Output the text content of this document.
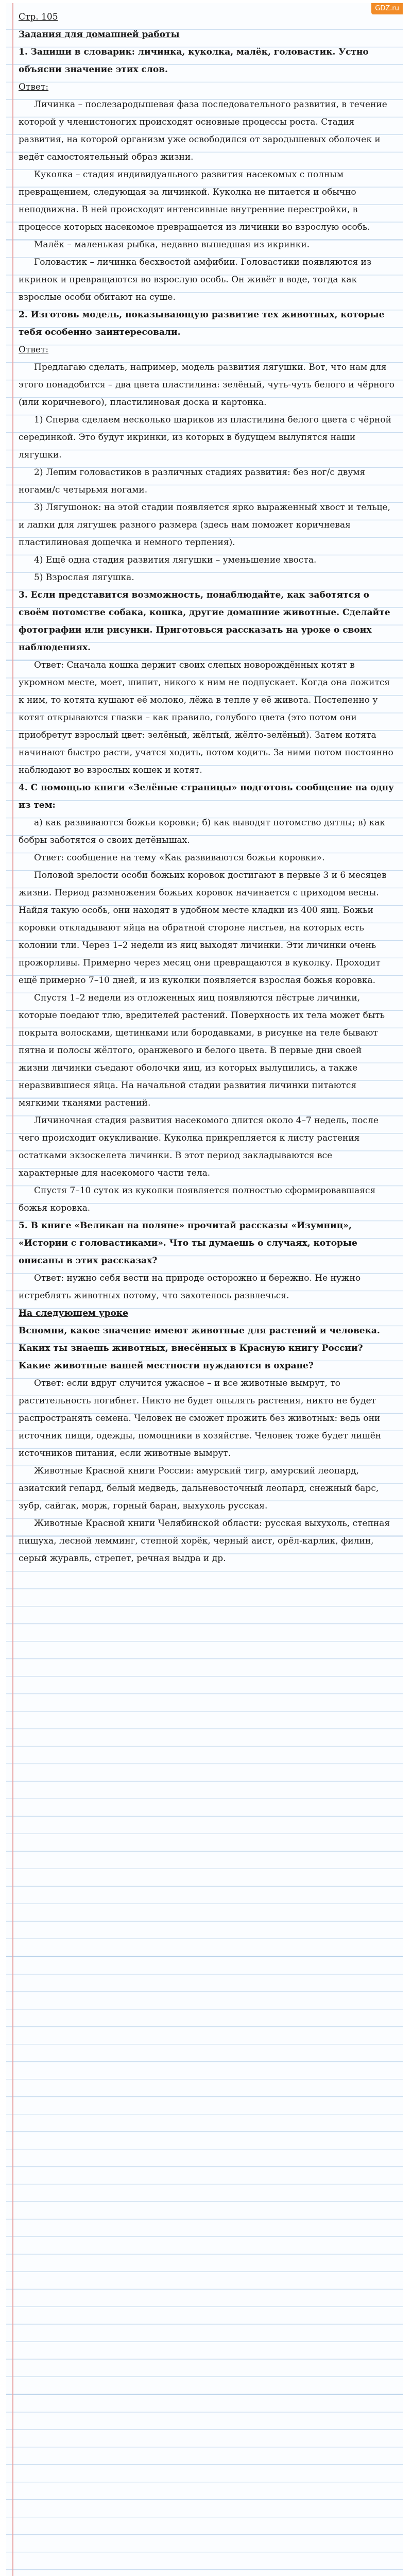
GDZ.ru
Стр. 105
Задания для домашней работы
1. Запиши в словарик: личинка, куколка, малёк, головастик. Устно объясни значение этих слов.
Ответ:
Личинка – послезародышевая фаза последовательного развития, в течение которой у членистоногих происходят основные процессы роста. Стадия развития, на которой организм уже освободился от зародышевых оболочек и ведёт самостоятельный образ жизни.
Куколка – стадия индивидуального развития насекомых с полным превращением, следующая за личинкой. Куколка не питается и обычно неподвижна. В ней происходят интенсивные внутренние перестройки, в процессе которых насекомое превращается из личинки во взрослую особь.
Малёк – маленькая рыбка, недавно вышедшая из икринки.
Головастик – личинка бесхвостой амфибии. Головастики появляются из икринок и превращаются во взрослую особь. Он живёт в воде, тогда как взрослые особи обитают на суше.
2. Изготовь модель, показывающую развитие тех животных, которые тебя особенно заинтересовали.
Ответ:
Предлагаю сделать, например, модель развития лягушки. Вот, что нам для этого понадобится – два цвета пластилина: зелёный, чуть-чуть белого и чёрного (или коричневого), пластилиновая доска и картонка.
1) Сперва сделаем несколько шариков из пластилина белого цвета с чёрной серединкой. Это будут икринки, из которых в будущем вылупятся наши лягушки.
2) Лепим головастиков в различных стадиях развития: без ног/с двумя ногами/с четырьмя ногами.
3) Лягушонок: на этой стадии появляется ярко выраженный хвост и тельце, и лапки для лягушек разного размера (здесь нам поможет коричневая пластилиновая дощечка и немного терпения).
4) Ещё одна стадия развития лягушки – уменьшение хвоста.
5) Взрослая лягушка.
3. Если представится возможность, понаблюдайте, как заботятся о своём потомстве собака, кошка, другие домашние животные. Сделайте фотографии или рисунки. Приготовься рассказать на уроке о своих наблюдениях.
Ответ: Сначала кошка держит своих слепых новорождённых котят в укромном месте, моет, шипит, никого к ним не подпускает. Когда она ложится к ним, то котята кушают её молоко, лёжа в тепле у её живота. Постепенно у котят открываются глазки – как правило, голубого цвета (это потом они приобретут взрослый цвет: зелёный, жёлтый, жёлто-зелёный). Затем котята начинают быстро расти, учатся ходить, потом ходить. За ними потом постоянно наблюдают во взрослых кошек и котят.
4. С помощью книги «Зелёные страницы» подготовь сообщение на одну из тем:
а) как развиваются божьи коровки; б) как выводят потомство дятлы; в) как бобры заботятся о своих детёнышах.
Ответ: сообщение на тему «Как развиваются божьи коровки».
Половой зрелости особи божьих коровок достигают в первые 3 и 6 месяцев жизни. Период размножения божьих коровок начинается с приходом весны. Найдя такую особь, они находят в удобном месте кладки из 400 яиц. Божьи коровки откладывают яйца на обратной стороне листьев, на которых есть колонии тли. Через 1–2 недели из яиц выходят личинки. Эти личинки очень прожорливы. Примерно через месяц они превращаются в куколку. Проходит ещё примерно 7–10 дней, и из куколки появляется взрослая божья коровка.
Спустя 1–2 недели из отложенных яиц появляются пёстрые личинки, которые поедают тлю, вредителей растений. Поверхность их тела может быть покрыта волосками, щетинками или бородавками, в рисунке на теле бывают пятна и полосы жёлтого, оранжевого и белого цвета. В первые дни своей жизни личинки съедают оболочки яиц, из которых вылупились, а также неразвившиеся яйца. На начальной стадии развития личинки питаются мягкими тканями растений.
Личиночная стадия развития насекомого длится около 4–7 недель, после чего происходит окукливание. Куколка прикрепляется к листу растения остатками экзоскелета личинки. В этот период закладываются все характерные для насекомого части тела.
Спустя 7–10 суток из куколки появляется полностью сформировавшаяся божья коровка.
5. В книге «Великан на поляне» прочитай рассказы «Изумниц», «Истории с головастиками». Что ты думаешь о случаях, которые описаны в этих рассказах?
Ответ: нужно себя вести на природе осторожно и бережно. Не нужно истреблять животных потому, что захотелось развлечься.
На следующем уроке
Вспомни, какое значение имеют животные для растений и человека. Каких ты знаешь животных, внесённых в Красную книгу России? Какие животные вашей местности нуждаются в охране?
Ответ: если вдруг случится ужасное – и все животные вымрут, то растительность погибнет. Никто не будет опылять растения, никто не будет распространять семена. Человек не сможет прожить без животных: ведь они источник пищи, одежды, помощники в хозяйстве. Человек тоже будет лишён источников питания, если животные вымрут.
Животные Красной книги России: амурский тигр, амурский леопард, азиатский гепард, белый медведь, дальневосточный леопард, снежный барс, зубр, сайгак, морж, горный баран, выхухоль русская.
Животные Красной книги Челябинской области: русская выхухоль, степная пищуха, лесной лемминг, степной хорёк, черный аист, орёл-карлик, филин, серый журавль, стрепет, речная выдра и др.
